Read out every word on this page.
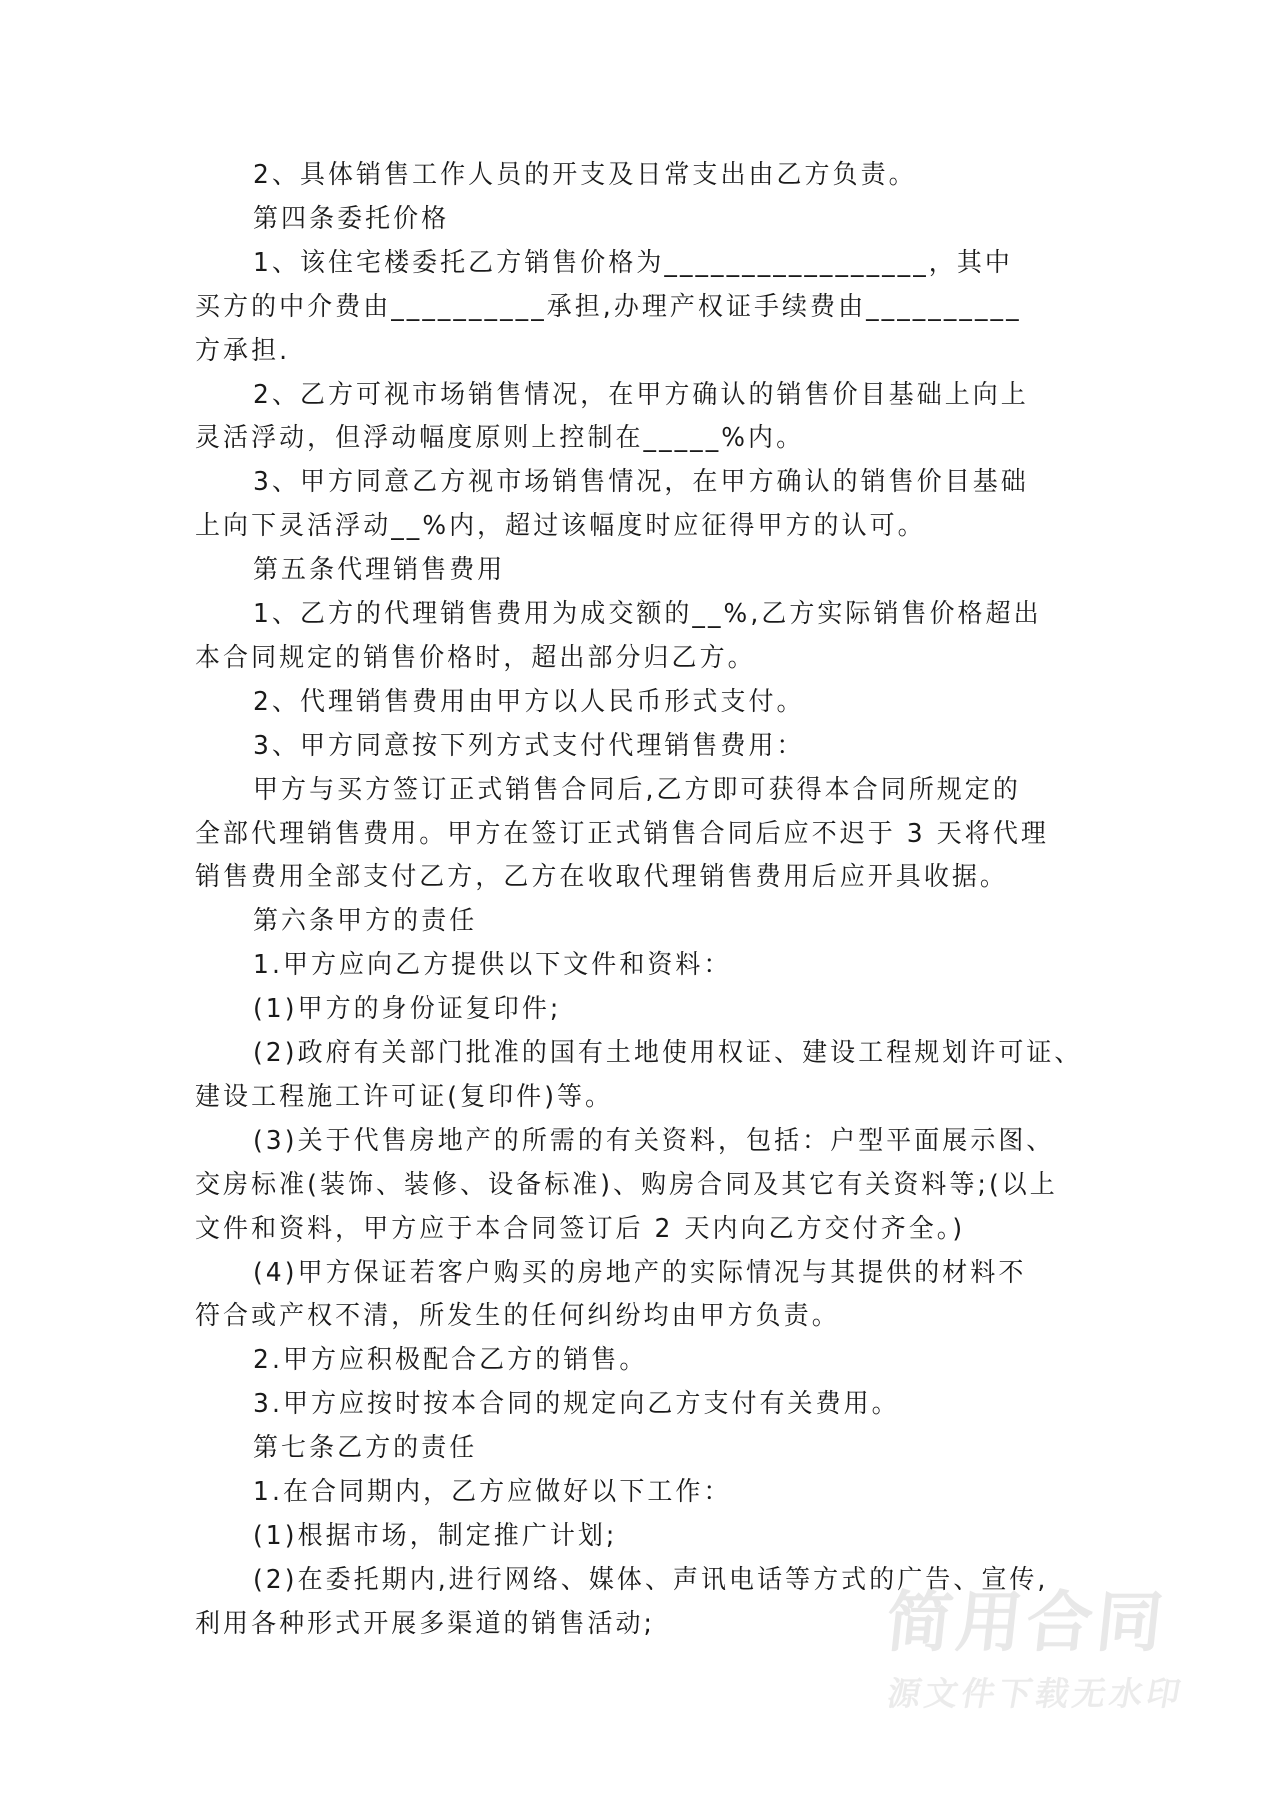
2、具体销售工作人员的开支及日常支出由乙方负责。
第四条委托价格
1、该住宅楼委托乙方销售价格为_________________，其中
买方的中介费由__________承担,办理产权证手续费由__________
方承担.
2、乙方可视市场销售情况，在甲方确认的销售价目基础上向上
灵活浮动，但浮动幅度原则上控制在_____%内。
3、甲方同意乙方视市场销售情况，在甲方确认的销售价目基础
上向下灵活浮动__%内，超过该幅度时应征得甲方的认可。
第五条代理销售费用
1、乙方的代理销售费用为成交额的__%,乙方实际销售价格超出
本合同规定的销售价格时，超出部分归乙方。
2、代理销售费用由甲方以人民币形式支付。
3、甲方同意按下列方式支付代理销售费用：
甲方与买方签订正式销售合同后,乙方即可获得本合同所规定的
全部代理销售费用。甲方在签订正式销售合同后应不迟于 3 天将代理
销售费用全部支付乙方，乙方在收取代理销售费用后应开具收据。
第六条甲方的责任
1.甲方应向乙方提供以下文件和资料：
(1)甲方的身份证复印件;
(2)政府有关部门批准的国有土地使用权证、建设工程规划许可证、
建设工程施工许可证(复印件)等。
(3)关于代售房地产的所需的有关资料，包括：户型平面展示图、
交房标准(装饰、装修、设备标准)、购房合同及其它有关资料等;(以上
文件和资料，甲方应于本合同签订后 2 天内向乙方交付齐全。)
(4)甲方保证若客户购买的房地产的实际情况与其提供的材料不
符合或产权不清，所发生的任何纠纷均由甲方负责。
2.甲方应积极配合乙方的销售。
3.甲方应按时按本合同的规定向乙方支付有关费用。
第七条乙方的责任
1.在合同期内，乙方应做好以下工作：
(1)根据市场，制定推广计划;
(2)在委托期内,进行网络、媒体、声讯电话等方式的广告、宣传,
利用各种形式开展多渠道的销售活动;	简用合同
源文件下载无水印
